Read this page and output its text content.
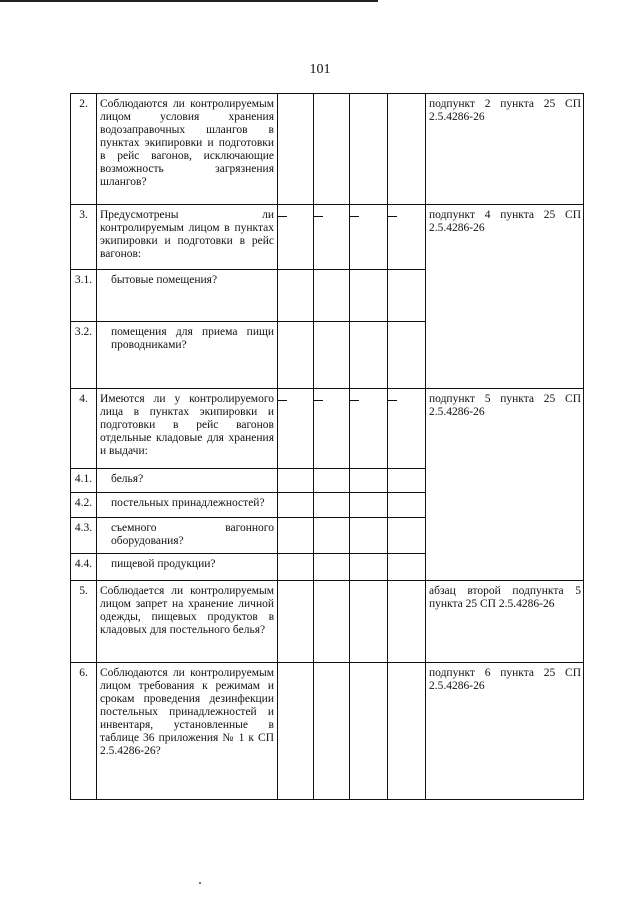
101
2.	Соблюдаются ли контролируемым лицом условия хранения водозаправочных шлангов в пунктах экипировки и подготовки в рейс вагонов, исключающие возможность загрязнения шлангов?					подпункт 2 пункта 25 СП 2.5.4286-26
3.	Предусмотрены ли контролируемым лицом в пунктах экипировки и подготовки в рейс вагонов:					подпункт 4 пункта 25 СП 2.5.4286-26
3.1.	бытовые помещения?					
3.2.	помещения для приема пищи проводниками?					
4.	Имеются ли у контролируемого лица в пунктах экипировки и подготовки в рейс вагонов отдельные кладовые для хранения и выдачи:					подпункт 5 пункта 25 СП 2.5.4286-26
4.1.	белья?					
4.2.	постельных принадлежностей?					
4.3.	съемного вагонного оборудования?					
4.4.	пищевой продукции?					
5.	Соблюдается ли контролируемым лицом запрет на хранение личной одежды, пищевых продуктов в кладовых для постельного белья?					абзац второй подпункта 5 пункта 25 СП 2.5.4286-26
6.	Соблюдаются ли контролируемым лицом требования к режимам и срокам проведения дезинфекции постельных принадлежностей и инвентаря, установленные в таблице 36 приложения № 1 к СП 2.5.4286-26?					подпункт 6 пункта 25 СП 2.5.4286-26
